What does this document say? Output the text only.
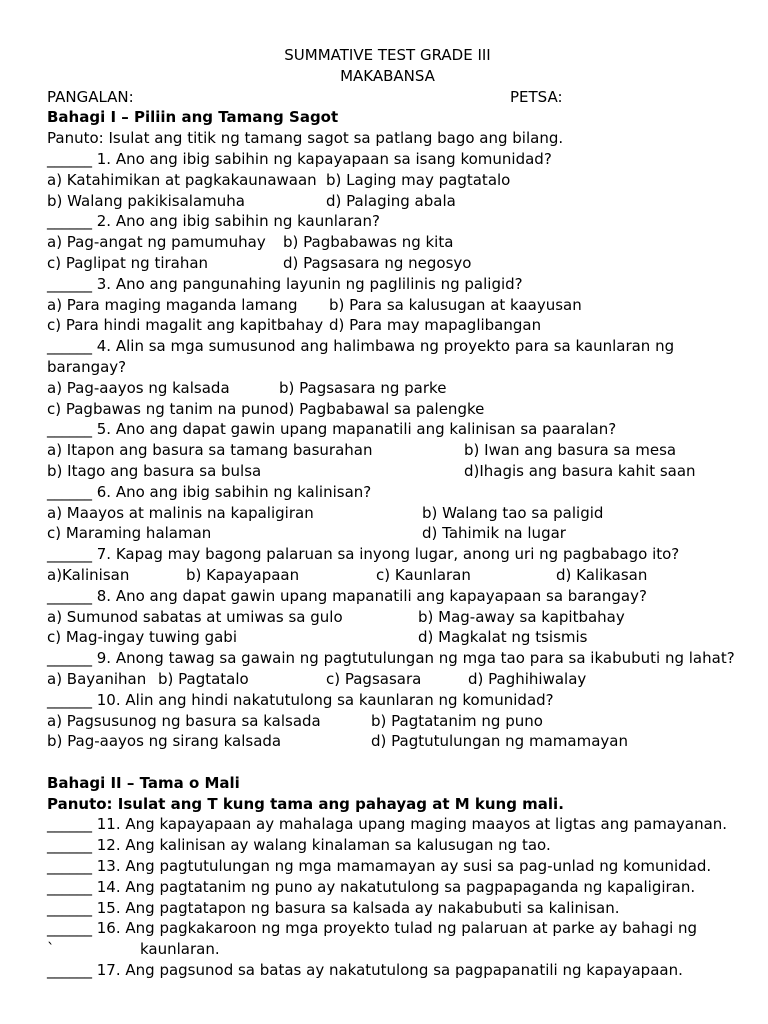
SUMMATIVE TEST GRADE III
MAKABANSA
PANGALAN:	PETSA:
Bahagi I – Piliin ang Tamang Sagot
Panuto: Isulat ang titik ng tamang sagot sa patlang bago ang bilang.
______ 1. Ano ang ibig sabihin ng kapayapaan sa isang komunidad?
a) Katahimikan at pagkakaunawaan b) Laging may pagtatalo
b) Walang pakikisalamuha	d) Palaging abala
______ 2. Ano ang ibig sabihin ng kaunlaran?
a) Pag-angat ng pamumuhay b) Pagbabawas ng kita
c) Paglipat ng tirahan	d) Pagsasara ng negosyo
______ 3. Ano ang pangunahing layunin ng paglilinis ng paligid?
a) Para maging maganda lamang b) Para sa kalusugan at kaayusan
c) Para hindi magalit ang kapitbahay d) Para may mapaglibangan
______ 4. Alin sa mga sumusunod ang halimbawa ng proyekto para sa kaunlaran ng barangay?
a) Pag-aayos ng kalsada	b) Pagsasara ng parke
c) Pagbawas ng tanim na puno d) Pagbabawal sa palengke
______ 5. Ano ang dapat gawin upang mapanatili ang kalinisan sa paaralan?
a) Itapon ang basura sa tamang basurahan	b) Iwan ang basura sa mesa
b) Itago ang basura sa bulsa	d)Ihagis ang basura kahit saan
______ 6. Ano ang ibig sabihin ng kalinisan?
a) Maayos at malinis na kapaligiran	b) Walang tao sa paligid
c) Maraming halaman	d) Tahimik na lugar
______ 7. Kapag may bagong palaruan sa inyong lugar, anong uri ng pagbabago ito?
a)Kalinisan	b) Kapayapaan	c) Kaunlaran	d) Kalikasan
______ 8. Ano ang dapat gawin upang mapanatili ang kapayapaan sa barangay?
a) Sumunod sabatas at umiwas sa gulo	b) Mag-away sa kapitbahay
c) Mag-ingay tuwing gabi	d) Magkalat ng tsismis
______ 9. Anong tawag sa gawain ng pagtutulungan ng mga tao para sa ikabubuti ng lahat?
a) Bayanihan b) Pagtatalo	c) Pagsasara	d) Paghihiwalay
______ 10. Alin ang hindi nakatutulong sa kaunlaran ng komunidad?
a) Pagsusunog ng basura sa kalsada	b) Pagtatanim ng puno
b) Pag-aayos ng sirang kalsada	d) Pagtutulungan ng mamamayan
Bahagi II – Tama o Mali
Panuto: Isulat ang T kung tama ang pahayag at M kung mali.
______ 11. Ang kapayapaan ay mahalaga upang maging maayos at ligtas ang pamayanan.
______ 12. Ang kalinisan ay walang kinalaman sa kalusugan ng tao.
______ 13. Ang pagtutulungan ng mga mamamayan ay susi sa pag-unlad ng komunidad.
______ 14. Ang pagtatanim ng puno ay nakatutulong sa pagpapaganda ng kapaligiran.
______ 15. Ang pagtatapon ng basura sa kalsada ay nakabubuti sa kalinisan.
______ 16. Ang pagkakaroon ng mga proyekto tulad ng palaruan at parke ay bahagi ng
`	kaunlaran.
______ 17. Ang pagsunod sa batas ay nakatutulong sa pagpapanatili ng kapayapaan.
